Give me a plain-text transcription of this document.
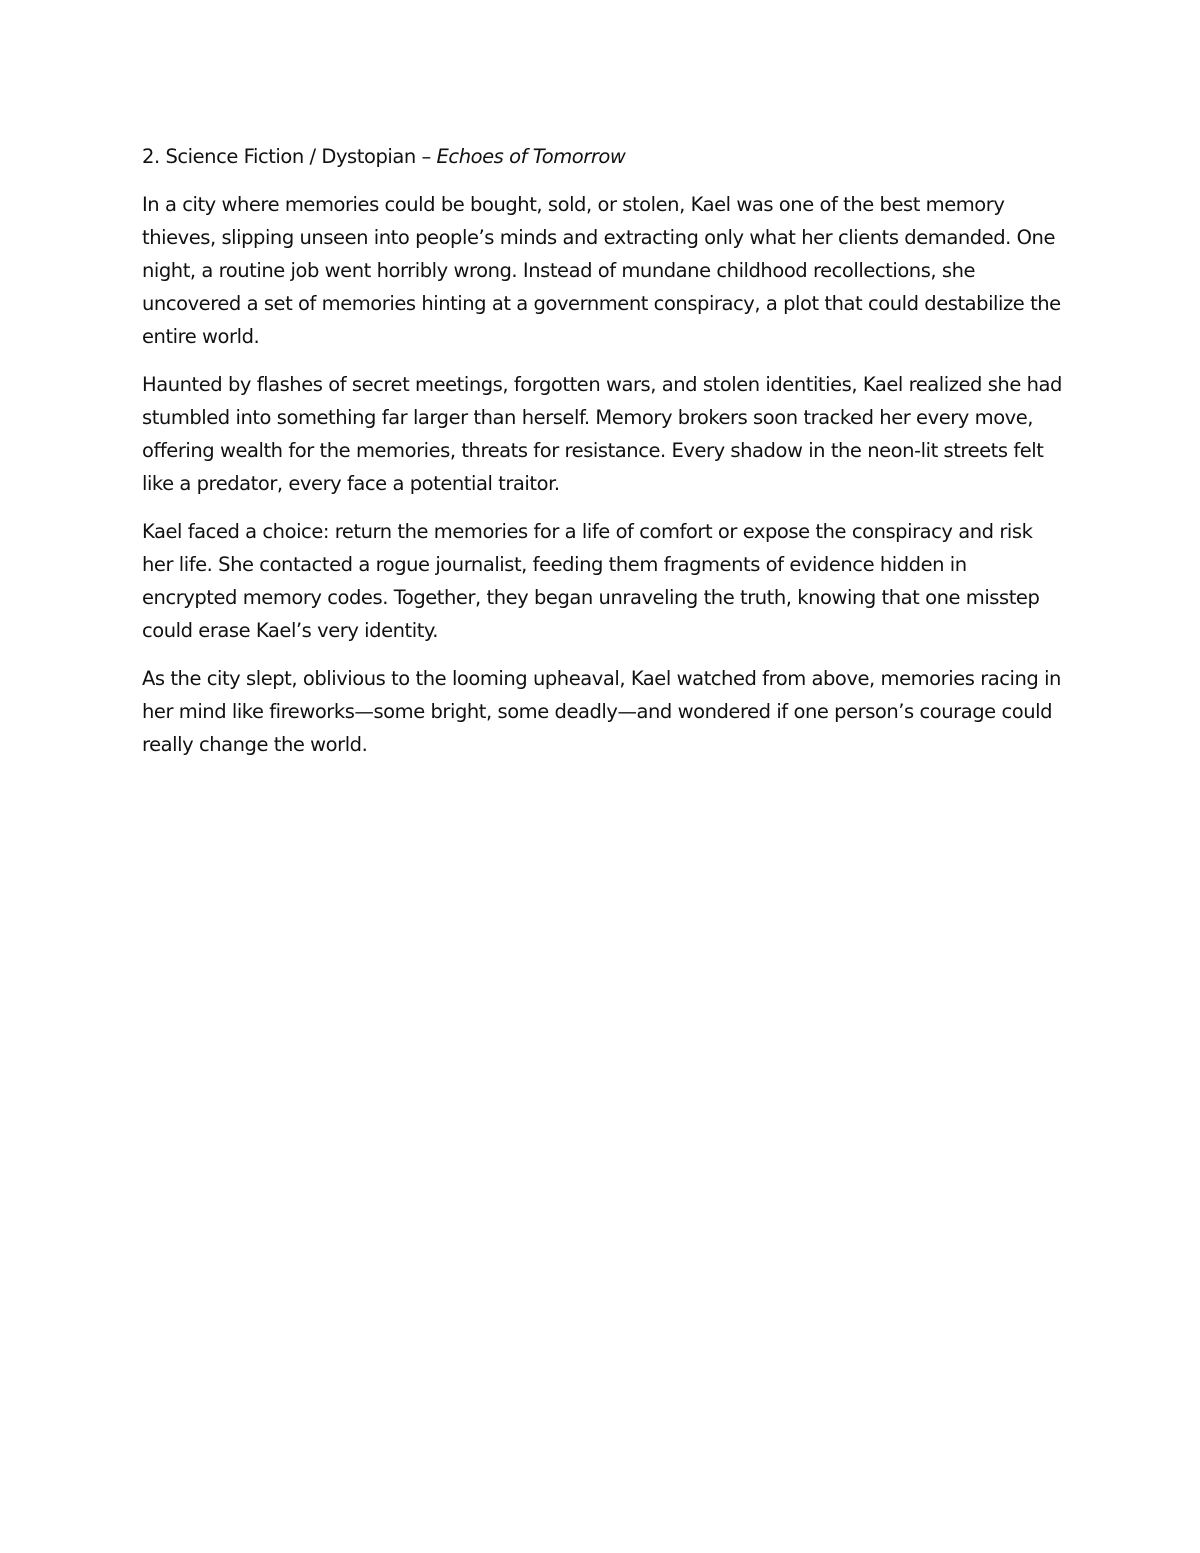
2. Science Fiction / Dystopian – Echoes of Tomorrow

In a city where memories could be bought, sold, or stolen, Kael was one of the best memory thieves, slipping unseen into people’s minds and extracting only what her clients demanded. One night, a routine job went horribly wrong. Instead of mundane childhood recollections, she uncovered a set of memories hinting at a government conspiracy, a plot that could destabilize the entire world.

Haunted by flashes of secret meetings, forgotten wars, and stolen identities, Kael realized she had stumbled into something far larger than herself. Memory brokers soon tracked her every move, offering wealth for the memories, threats for resistance. Every shadow in the neon-lit streets felt like a predator, every face a potential traitor.

Kael faced a choice: return the memories for a life of comfort or expose the conspiracy and risk her life. She contacted a rogue journalist, feeding them fragments of evidence hidden in encrypted memory codes. Together, they began unraveling the truth, knowing that one misstep could erase Kael’s very identity.

As the city slept, oblivious to the looming upheaval, Kael watched from above, memories racing in her mind like fireworks—some bright, some deadly—and wondered if one person’s courage could really change the world.
